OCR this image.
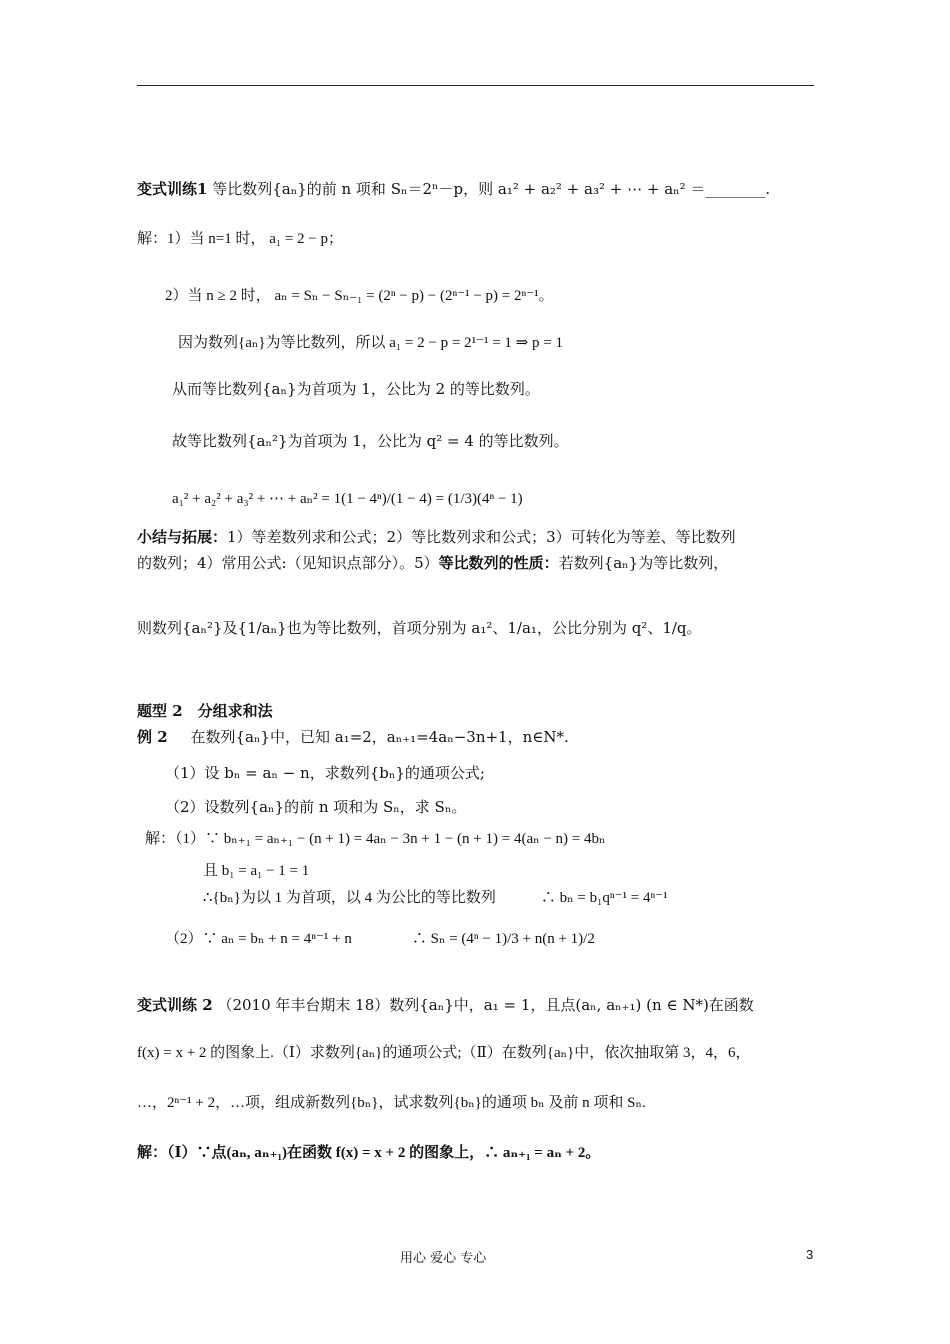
变式训练1 等比数列{aₙ}的前 n 项和 Sₙ＝2ⁿ－p，则 a₁² + a₂² + a₃² + ⋯ + aₙ² ＝________.
解：1）当 n=1 时， a₁ = 2 − p；
2）当 n ≥ 2 时， aₙ = Sₙ − Sₙ₋₁ = (2ⁿ − p) − (2ⁿ⁻¹ − p) = 2ⁿ⁻¹。
因为数列{aₙ}为等比数列，所以 a₁ = 2 − p = 2¹⁻¹ = 1 ⇒ p = 1
从而等比数列{aₙ}为首项为 1，公比为 2 的等比数列。
故等比数列{aₙ²}为首项为 1，公比为 q² = 4 的等比数列。
a₁² + a₂² + a₃² + ⋯ + aₙ² = 1(1 − 4ⁿ)/(1 − 4) = (1/3)(4ⁿ − 1)
小结与拓展：1）等差数列求和公式；2）等比数列求和公式；3）可转化为等差、等比数列
的数列；4）常用公式:（见知识点部分）。5）等比数列的性质：若数列{aₙ}为等比数列，
则数列{aₙ²}及{1/aₙ}也为等比数列，首项分别为 a₁²、1/a₁，公比分别为 q²、1/q。
题型 2　分组求和法
例 2 在数列{aₙ}中，已知 a₁=2，aₙ₊₁=4aₙ−3n+1，n∈N*.
（1）设 bₙ = aₙ − n，求数列{bₙ}的通项公式;
（2）设数列{aₙ}的前 n 项和为 Sₙ，求 Sₙ。
解：（1）∵ bₙ₊₁ = aₙ₊₁ − (n + 1) = 4aₙ − 3n + 1 − (n + 1) = 4(aₙ − n) = 4bₙ
且 b₁ = a₁ − 1 = 1
∴{bₙ}为以 1 为首项，以 4 为公比的等比数列　　　∴ bₙ = b₁qⁿ⁻¹ = 4ⁿ⁻¹
（2）∵ aₙ = bₙ + n = 4ⁿ⁻¹ + n　　　　∴ Sₙ = (4ⁿ − 1)/3 + n(n + 1)/2
变式训练 2 （2010 年丰台期末 18）数列{aₙ}中，a₁ = 1，且点(aₙ, aₙ₊₁) (n ∈ N*)在函数
f(x) = x + 2 的图象上.（Ⅰ）求数列{aₙ}的通项公式;（Ⅱ）在数列{aₙ}中，依次抽取第 3，4，6，
…，2ⁿ⁻¹ + 2，…项，组成新数列{bₙ}，试求数列{bₙ}的通项 bₙ 及前 n 项和 Sₙ.
解：（Ⅰ）∵点(aₙ, aₙ₊₁)在函数 f(x) = x + 2 的图象上，∴ aₙ₊₁ = aₙ + 2。
用心 爱心 专心	3
